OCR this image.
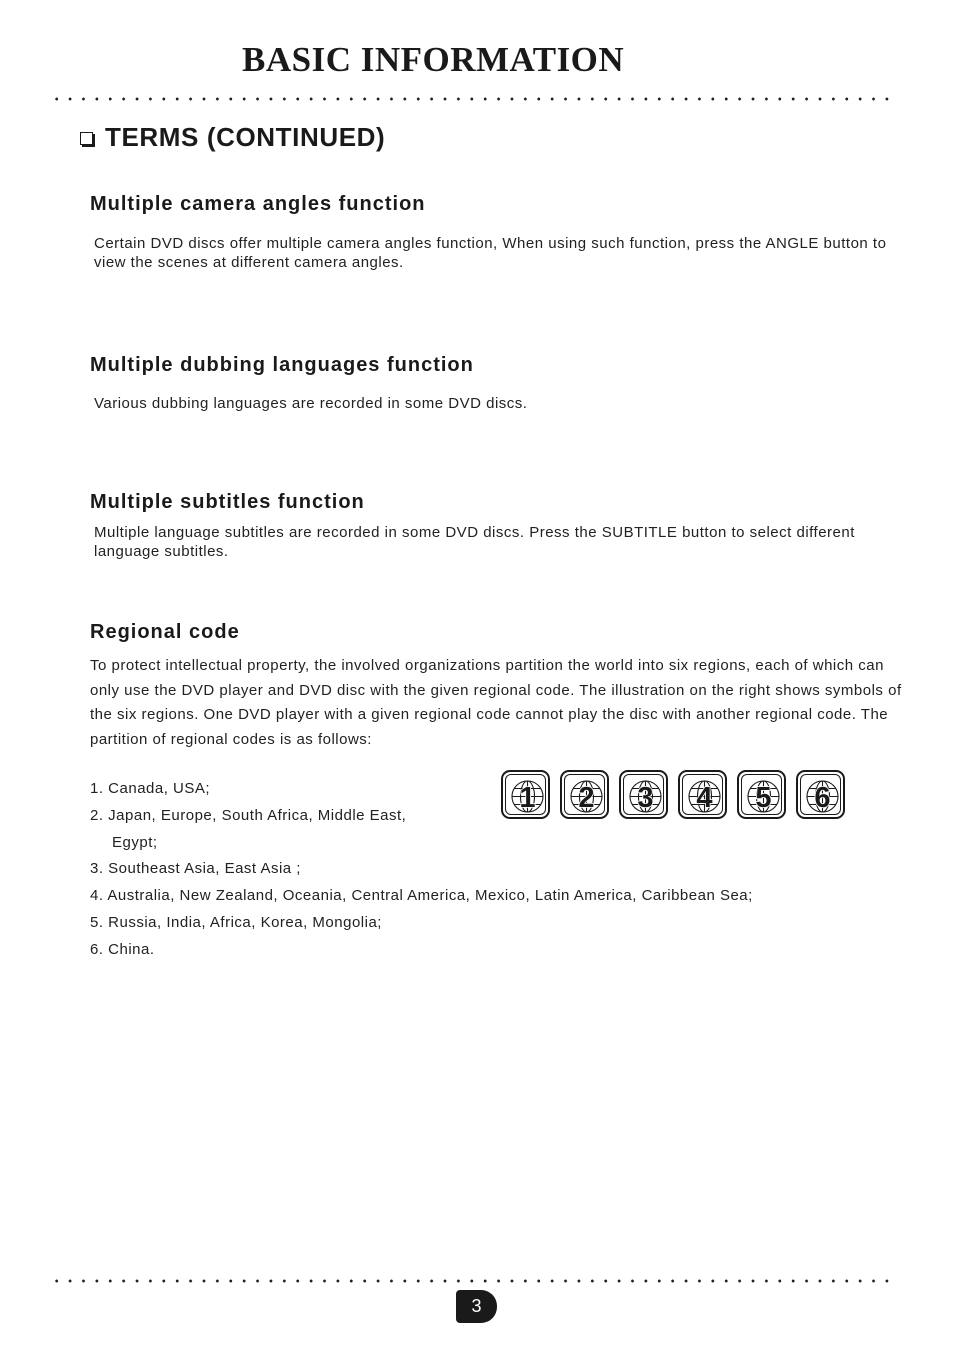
BASIC INFORMATION
TERMS (CONTINUED)
Multiple camera angles function

Certain DVD discs offer multiple camera angles function, When using such function, press the ANGLE button to view the scenes at different camera angles.

Multiple dubbing languages function

Various dubbing languages are recorded in some DVD discs.

Multiple subtitles function

Multiple language subtitles are recorded in some DVD discs. Press the SUBTITLE button to select different language subtitles.

Regional code

To protect intellectual property, the involved organizations partition the world into six regions, each of which can only use the DVD player and DVD disc with the given regional code. The illustration on the right shows symbols of the six regions. One DVD player with a given regional code cannot play the disc with another regional code. The partition of regional codes is as follows:

1. Canada, USA;
2. Japan, Europe, South Africa, Middle East,
Egypt;
3. Southeast Asia, East Asia ;
4. Australia, New Zealand, Oceania, Central America, Mexico, Latin America, Caribbean Sea;
5. Russia, India, Africa, Korea, Mongolia;
6. China.
1 2 3 4 5 6
3
